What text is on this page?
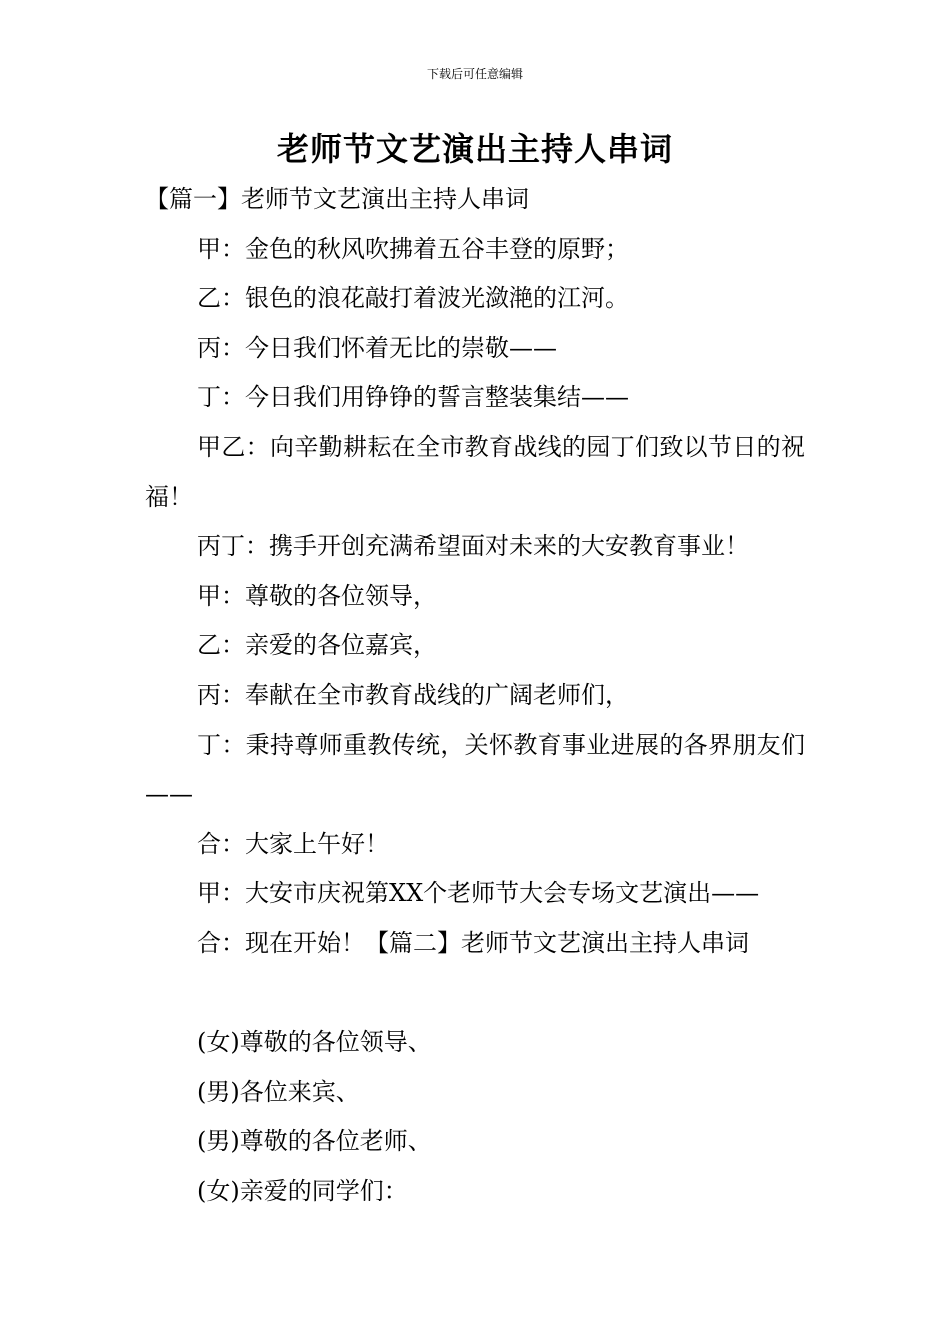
下载后可任意编辑
老师节文艺演出主持人串词

【篇一】老师节文艺演出主持人串词

甲：金色的秋风吹拂着五谷丰登的原野；

乙：银色的浪花敲打着波光潋滟的江河。

丙：今日我们怀着无比的崇敬——

丁：今日我们用铮铮的誓言整装集结——

甲乙：向辛勤耕耘在全市教育战线的园丁们致以节日的祝福！

丙丁：携手开创充满希望面对未来的大安教育事业！

甲：尊敬的各位领导，

乙：亲爱的各位嘉宾，

丙：奉献在全市教育战线的广阔老师们，

丁：秉持尊师重教传统，关怀教育事业进展的各界朋友们——

合：大家上午好！

甲：大安市庆祝第XX个老师节大会专场文艺演出——

合：现在开始！【篇二】老师节文艺演出主持人串词

(女)尊敬的各位领导、

(男)各位来宾、

(男)尊敬的各位老师、

(女)亲爱的同学们：
